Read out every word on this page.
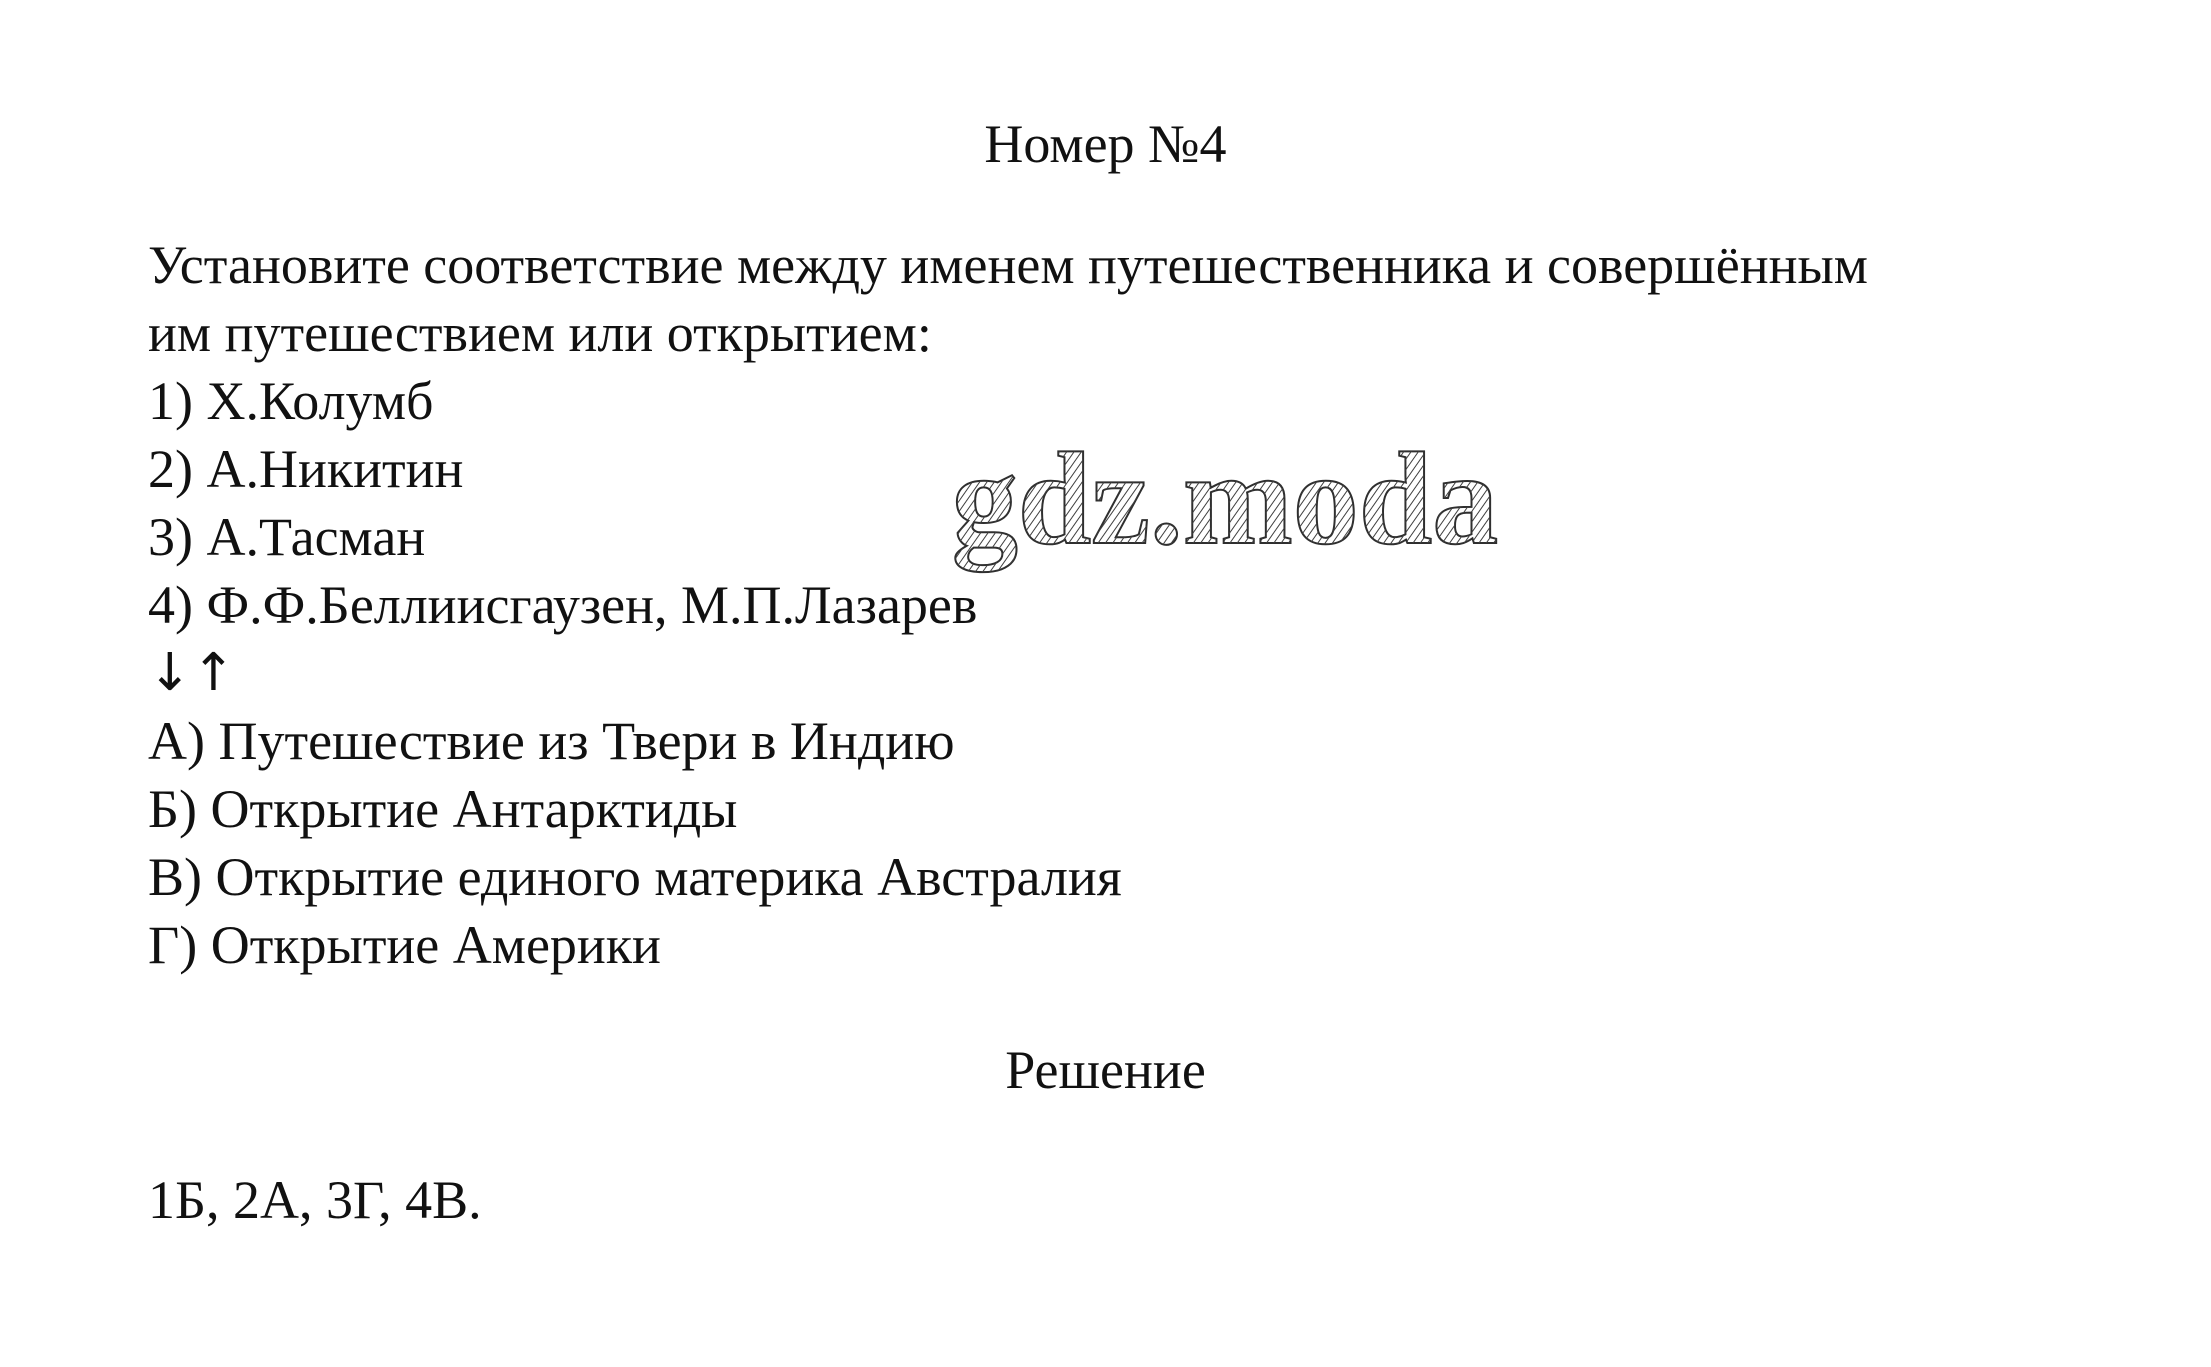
Номер №4
Установите соответствие между именем путешественника и совершённым
им путешествием или открытием:
1) Х.Колумб
2) А.Никитин
3) А.Тасман
4) Ф.Ф.Беллиисгаузен, М.П.Лазарев
↓↑
А) Путешествие из Твери в Индию
Б) Открытие Антарктиды
В) Открытие единого материка Австралия
Г) Открытие Америки
Решение
1Б, 2А, 3Г, 4В.
gdz.moda
